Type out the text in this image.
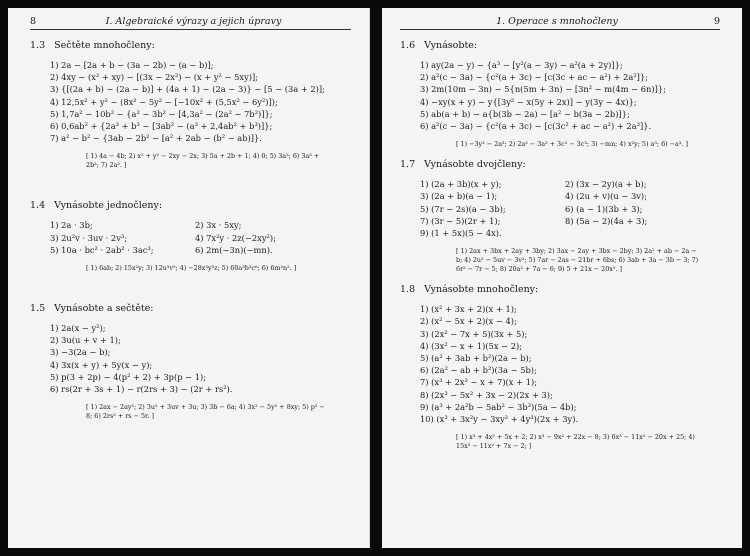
8	I. Algebraické výrazy a jejich úpravy
1.3 Sečtěte mnohočleny:
1) 2a − [2a + b − (3a − 2b) − (a − b)];
2) 4xy − (x² + xy) − [(3x − 2x²) − (x + y² − 5xy)];
3) {[(2a + b) − (2a − b)] + (4a + 1) − (2a − 3)} − [5 − (3a + 2)];
4) 12,5x² + y² − (8x² − 5y² − [−10x² + (5,5x² − 6y²)]);
5) 1,7a² − 10b² − {a² − 3b² − [4,3a² − (2a² − 7b²)]};
6) 0,6ab² + {2a³ + b³ − [3ab² − (a³ + 2,4ab² + b³)]};
7) a² − b² − {3ab − 2b² − [a² + 2ab − (b² − ab)]}.
[ 1) 4a − 4b; 2) x² + y² − 2xy − 2x; 3) 5a + 2b + 1; 4) 0; 5) 3a²; 6) 3a³ + 2b³; 7) 2a². ]
1.4 Vynásobte jednočleny:
1) 2a · 3b;	2) 3x · 5xy;
3) 2u²v · 3uv · 2v³;	4) 7x²y · 2z(−2xy²);
5) 10a · bc² · 2ab² · 3ac³;	6) 2m(−3n)(−mn).
[ 1) 6ab; 2) 15x²y; 3) 12u³v⁵; 4) −28x³y³z; 5) 60a³b³c⁶; 6) 6m²n². ]
1.5 Vynásobte a sečtěte:
1) 2a(x − y²);
2) 3u(u + v + 1);
3) −3(2a − b);
4) 3x(x + y) + 5y(x − y);
5) p(3 + 2p) − 4(p² + 2) + 3p(p − 1);
6) rs(2r + 3s + 1) − r(2rs + 3) − (2r + rs²).
[ 1) 2ax − 2ay²; 2) 3u² + 3uv + 3u; 3) 3b − 6a; 4) 3x² − 5y² + 8xy; 5) p² − 8; 6) 2rs² + rs − 5r. ]
1. Operace s mnohočleny	9
1.6 Vynásobte:
1) ay(2a − y) − {a³ − [y²(a − 3y) − a²(a + 2y)]};
2) a²(c − 3a) − {c²(a + 3c) − [c(3c + ac − a²) + 2a²]};
3) 2m(10m − 3n) − 5{n(5m + 3n) − [3n² − m(4m − 6n)]};
4) −xy(x + y) − y{[3y² − x(5y + 2x)] − y(3y − 4x)};
5) ab(a + b) − a{b(3b − 2a) − [a² − b(3a − 2b)]};
6) a²(c − 3a) − {c²(a + 3c) − [c(3c² + ac − a²) + 2a³]}.
[ 1) −3y³ − 2a³; 2) 2a² − 3a³ + 3c² − 3c³; 3) −mn; 4) x²y; 5) a³; 6) −a³. ]
1.7 Vynásobte dvojčleny:
1) (2a + 3b)(x + y);	2) (3x − 2y)(a + b);
3) (2a + b)(a − 1);	4) (2u + v)(u − 3v);
5) (7r − 2s)(a − 3b);	6) (a − 1)(3b + 3);
7) (3r − 5)(2r + 1);	8) (5a − 2)(4a + 3);
9) (1 + 5x)(5 − 4x).
[ 1) 2ax + 3bx + 2ay + 3by; 2) 3ax − 2ay + 3bx − 2by; 3) 2a² + ab − 2a − b; 4) 2u² − 5uv − 3v²; 5) 7ar − 2as − 21br + 6bs; 6) 3ab + 3a − 3b − 3; 7) 6r² − 7r − 5; 8) 20a² + 7a − 6; 9) 5 + 21x − 20x². ]
1.8 Vynásobte mnohočleny:
1) (x² + 3x + 2)(x + 1);
2) (x² − 5x + 2)(x − 4);
3) (2x² − 7x + 5)(3x + 5);
4) (3x² − x + 1)(5x − 2);
5) (a² + 3ab + b²)(2a − b);
6) (2a² − ab + b²)(3a − 5b);
7) (x³ + 2x² − x + 7)(x + 1);
8) (2x³ − 5x² + 3x − 2)(2x + 3);
9) (a³ + 2a²b − 5ab² − 3b³)(5a − 4b);
10) (x³ + 3x²y − 3xy² + 4y³)(2x + 3y).
[ 1) x³ + 4x² + 5x + 2; 2) x³ − 9x² + 22x − 8; 3) 6x³ − 11x² − 20x + 25; 4) 15x³ − 11x² + 7x − 2; ]
